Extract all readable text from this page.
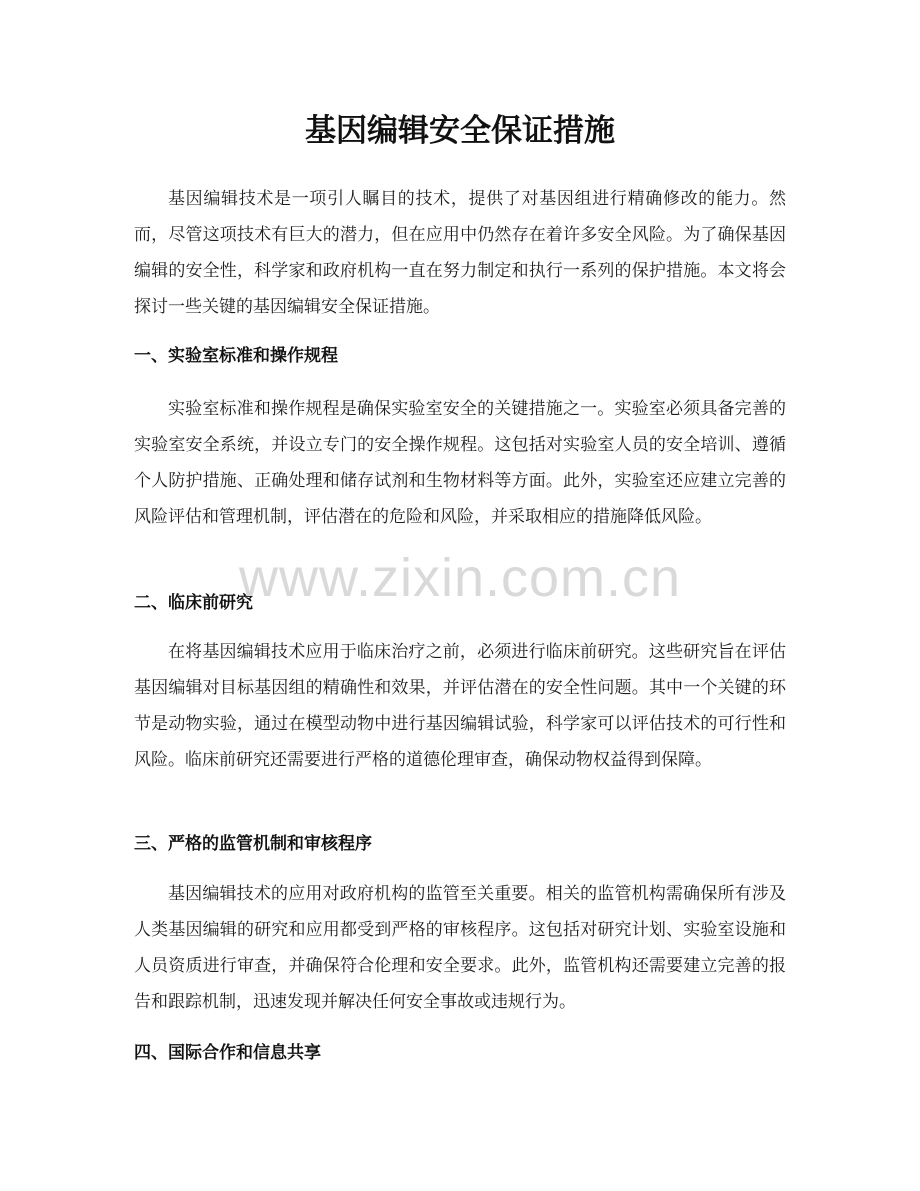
基因编辑安全保证措施

基因编辑技术是一项引人瞩目的技术，提供了对基因组进行精确修改的能力。然而，尽管这项技术有巨大的潜力，但在应用中仍然存在着许多安全风险。为了确保基因编辑的安全性，科学家和政府机构一直在努力制定和执行一系列的保护措施。本文将会探讨一些关键的基因编辑安全保证措施。

一、实验室标准和操作规程

实验室标准和操作规程是确保实验室安全的关键措施之一。实验室必须具备完善的实验室安全系统，并设立专门的安全操作规程。这包括对实验室人员的安全培训、遵循个人防护措施、正确处理和储存试剂和生物材料等方面。此外，实验室还应建立完善的风险评估和管理机制，评估潜在的危险和风险，并采取相应的措施降低风险。

二、临床前研究

在将基因编辑技术应用于临床治疗之前，必须进行临床前研究。这些研究旨在评估基因编辑对目标基因组的精确性和效果，并评估潜在的安全性问题。其中一个关键的环节是动物实验，通过在模型动物中进行基因编辑试验，科学家可以评估技术的可行性和风险。临床前研究还需要进行严格的道德伦理审查，确保动物权益得到保障。

三、严格的监管机制和审核程序

基因编辑技术的应用对政府机构的监管至关重要。相关的监管机构需确保所有涉及人类基因编辑的研究和应用都受到严格的审核程序。这包括对研究计划、实验室设施和人员资质进行审查，并确保符合伦理和安全要求。此外，监管机构还需要建立完善的报告和跟踪机制，迅速发现并解决任何安全事故或违规行为。

四、国际合作和信息共享
www.zixin.com.cn
